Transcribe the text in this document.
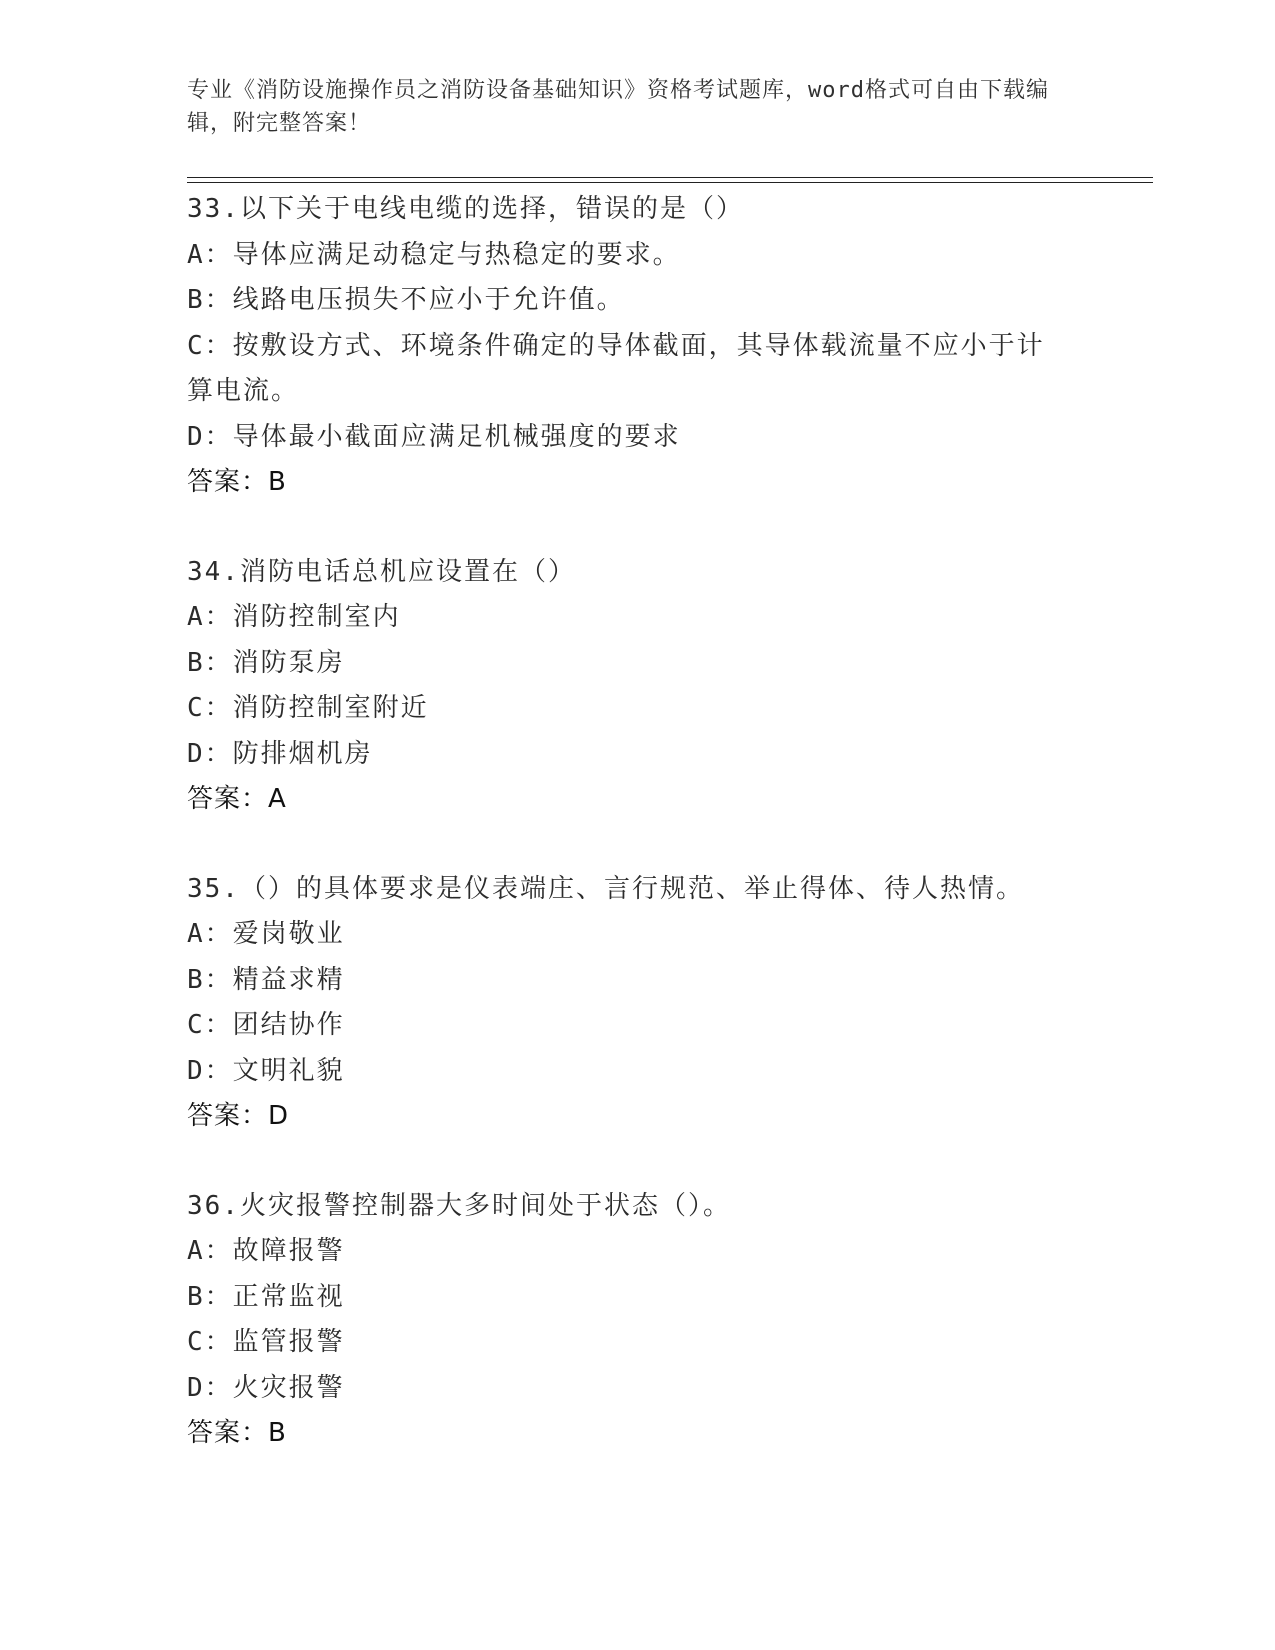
专业《消防设施操作员之消防设备基础知识》资格考试题库，word格式可自由下载编辑，附完整答案！
33.以下关于电线电缆的选择，错误的是（）
A：导体应满足动稳定与热稳定的要求。
B：线路电压损失不应小于允许值。
C：按敷设方式、环境条件确定的导体截面，其导体载流量不应小于计算电流。
D：导体最小截面应满足机械强度的要求
答案：B
34.消防电话总机应设置在（）
A：消防控制室内
B：消防泵房
C：消防控制室附近
D：防排烟机房
答案：A
35.（）的具体要求是仪表端庄、言行规范、举止得体、待人热情。
A：爱岗敬业
B：精益求精
C：团结协作
D：文明礼貌
答案：D
36.火灾报警控制器大多时间处于状态（）。
A：故障报警
B：正常监视
C：监管报警
D：火灾报警
答案：B
